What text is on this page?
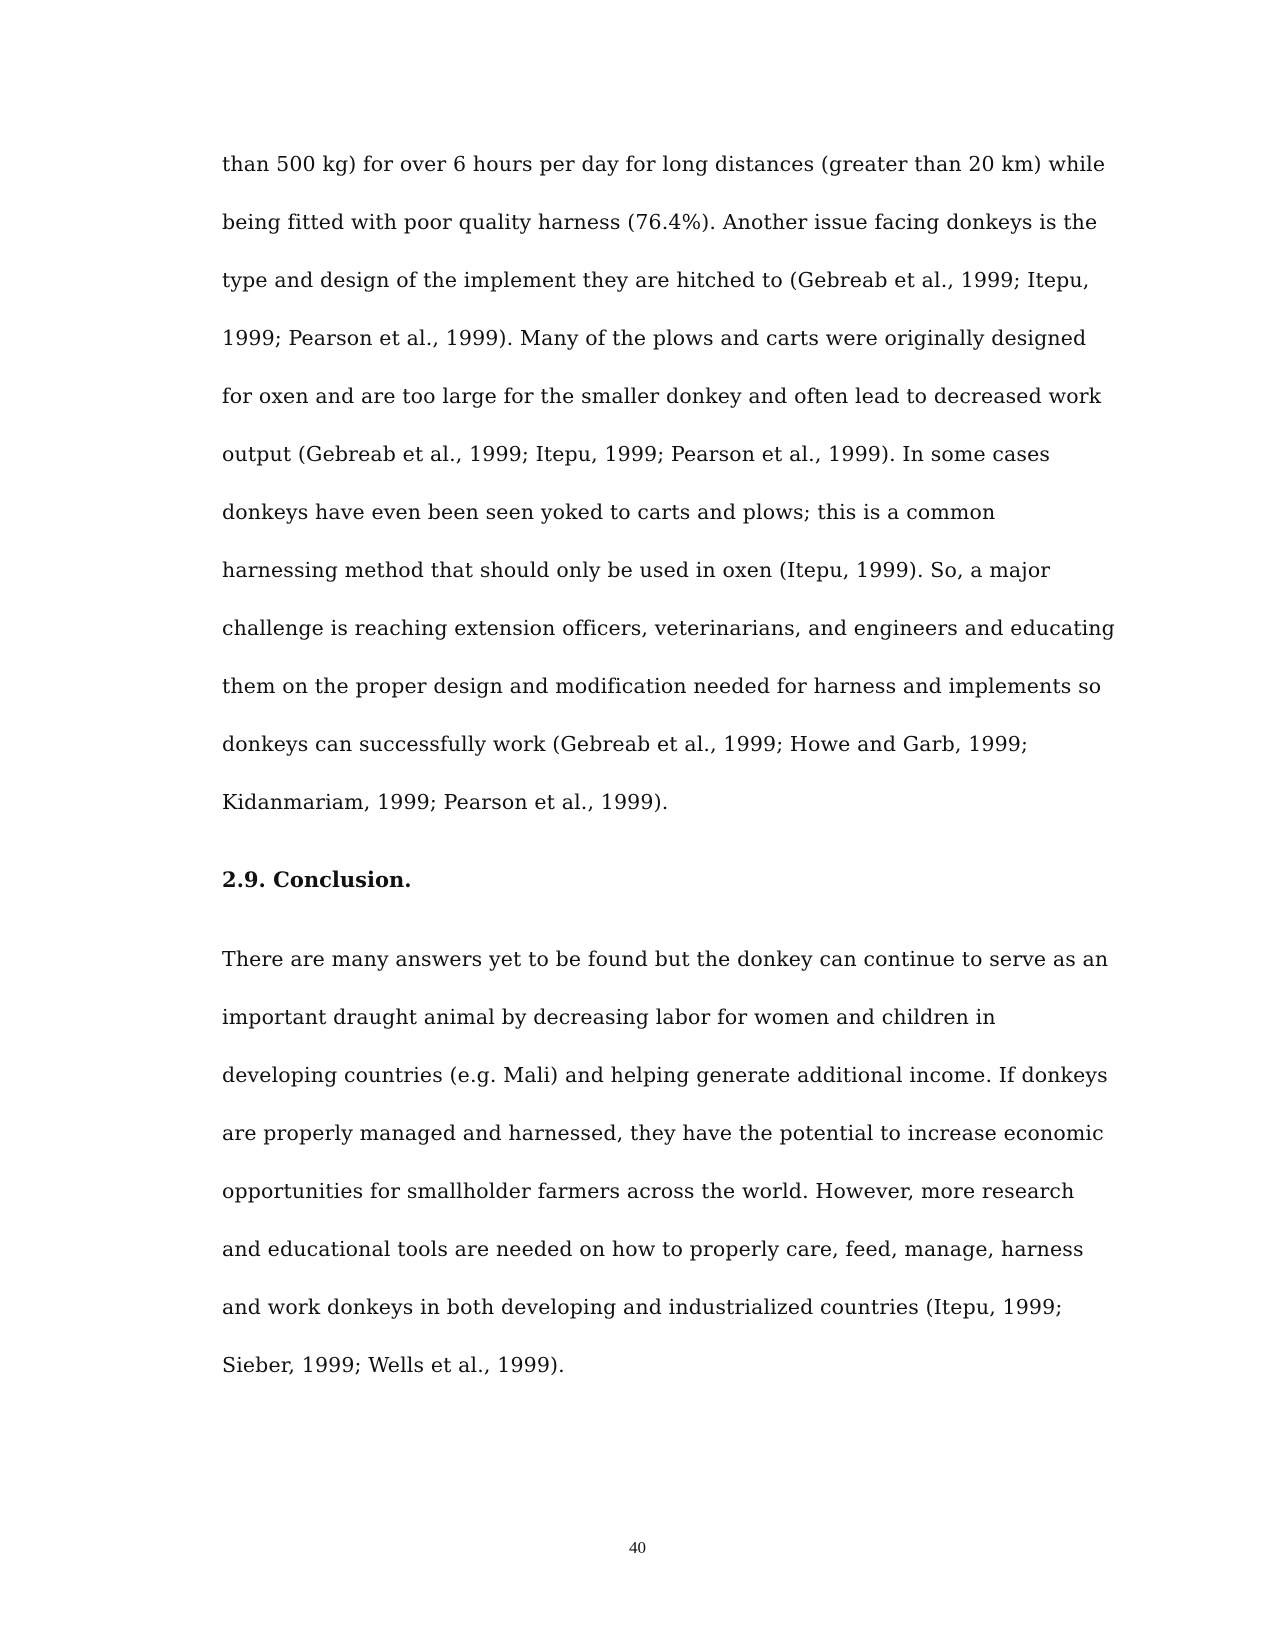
than 500 kg) for over 6 hours per day for long distances (greater than 20 km) while
being fitted with poor quality harness (76.4%). Another issue facing donkeys is the
type and design of the implement they are hitched to (Gebreab et al., 1999; Itepu,
1999; Pearson et al., 1999). Many of the plows and carts were originally designed
for oxen and are too large for the smaller donkey and often lead to decreased work
output (Gebreab et al., 1999; Itepu, 1999; Pearson et al., 1999). In some cases
donkeys have even been seen yoked to carts and plows; this is a common
harnessing method that should only be used in oxen (Itepu, 1999). So, a major
challenge is reaching extension officers, veterinarians, and engineers and educating
them on the proper design and modification needed for harness and implements so
donkeys can successfully work (Gebreab et al., 1999; Howe and Garb, 1999;
Kidanmariam, 1999; Pearson et al., 1999).
2.9. Conclusion.
There are many answers yet to be found but the donkey can continue to serve as an
important draught animal by decreasing labor for women and children in
developing countries (e.g. Mali) and helping generate additional income. If donkeys
are properly managed and harnessed, they have the potential to increase economic
opportunities for smallholder farmers across the world. However, more research
and educational tools are needed on how to properly care, feed, manage, harness
and work donkeys in both developing and industrialized countries (Itepu, 1999;
Sieber, 1999; Wells et al., 1999).
40
